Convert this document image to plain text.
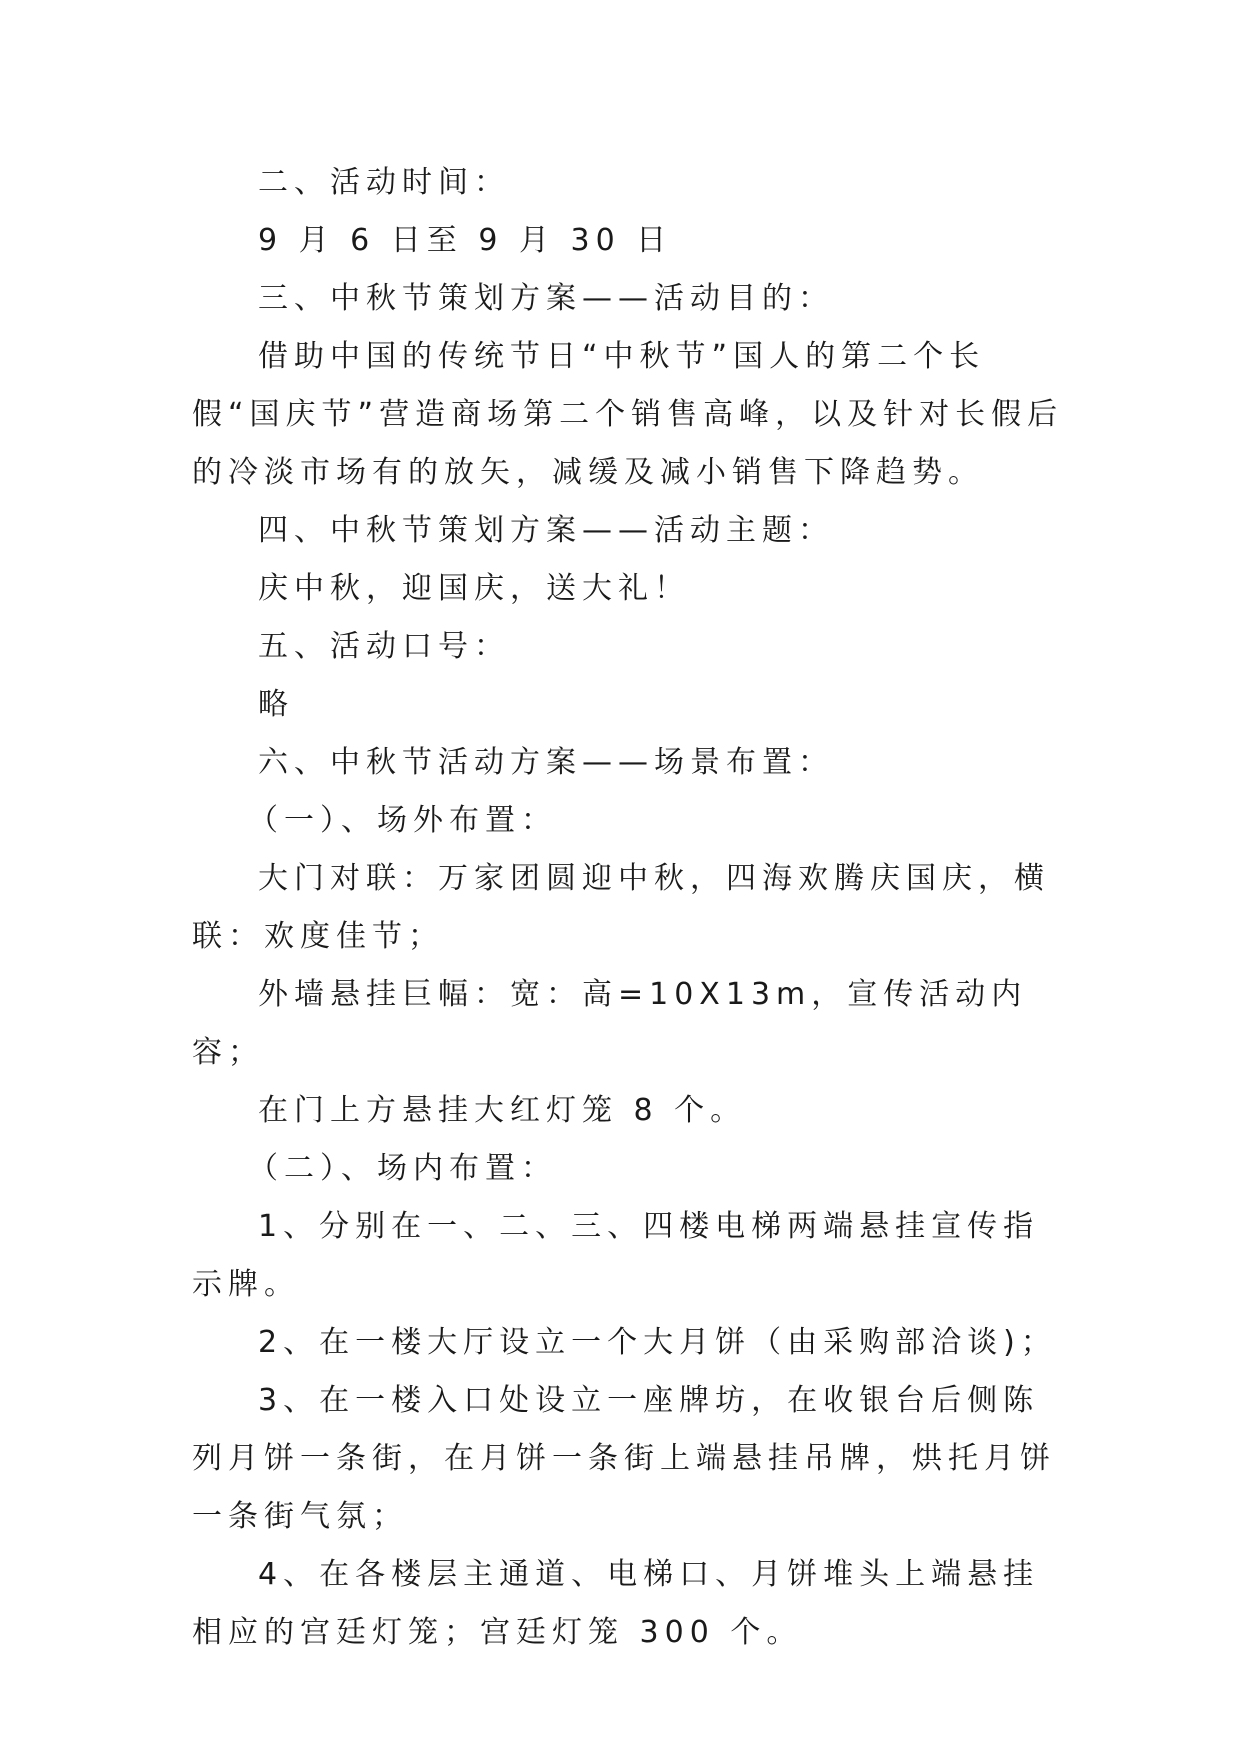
二、活动时间：

9 月 6 日至 9 月 30 日

三、中秋节策划方案——活动目的：

借助中国的传统节日“中秋节”国人的第二个长假“国庆节”营造商场第二个销售高峰，以及针对长假后的冷淡市场有的放矢，减缓及减小销售下降趋势。

四、中秋节策划方案——活动主题：

庆中秋，迎国庆，送大礼！

五、活动口号：

略

六、中秋节活动方案——场景布置：

（一）、场外布置：

大门对联：万家团圆迎中秋，四海欢腾庆国庆，横联：欢度佳节；

外墙悬挂巨幅：宽：高=10X13m，宣传活动内容；

在门上方悬挂大红灯笼 8 个。

（二）、场内布置：

1、分别在一、二、三、四楼电梯两端悬挂宣传指示牌。

2、在一楼大厅设立一个大月饼（由采购部洽谈)；

3、在一楼入口处设立一座牌坊，在收银台后侧陈列月饼一条街，在月饼一条街上端悬挂吊牌，烘托月饼一条街气氛；

4、在各楼层主通道、电梯口、月饼堆头上端悬挂相应的宫廷灯笼；宫廷灯笼 300 个。
